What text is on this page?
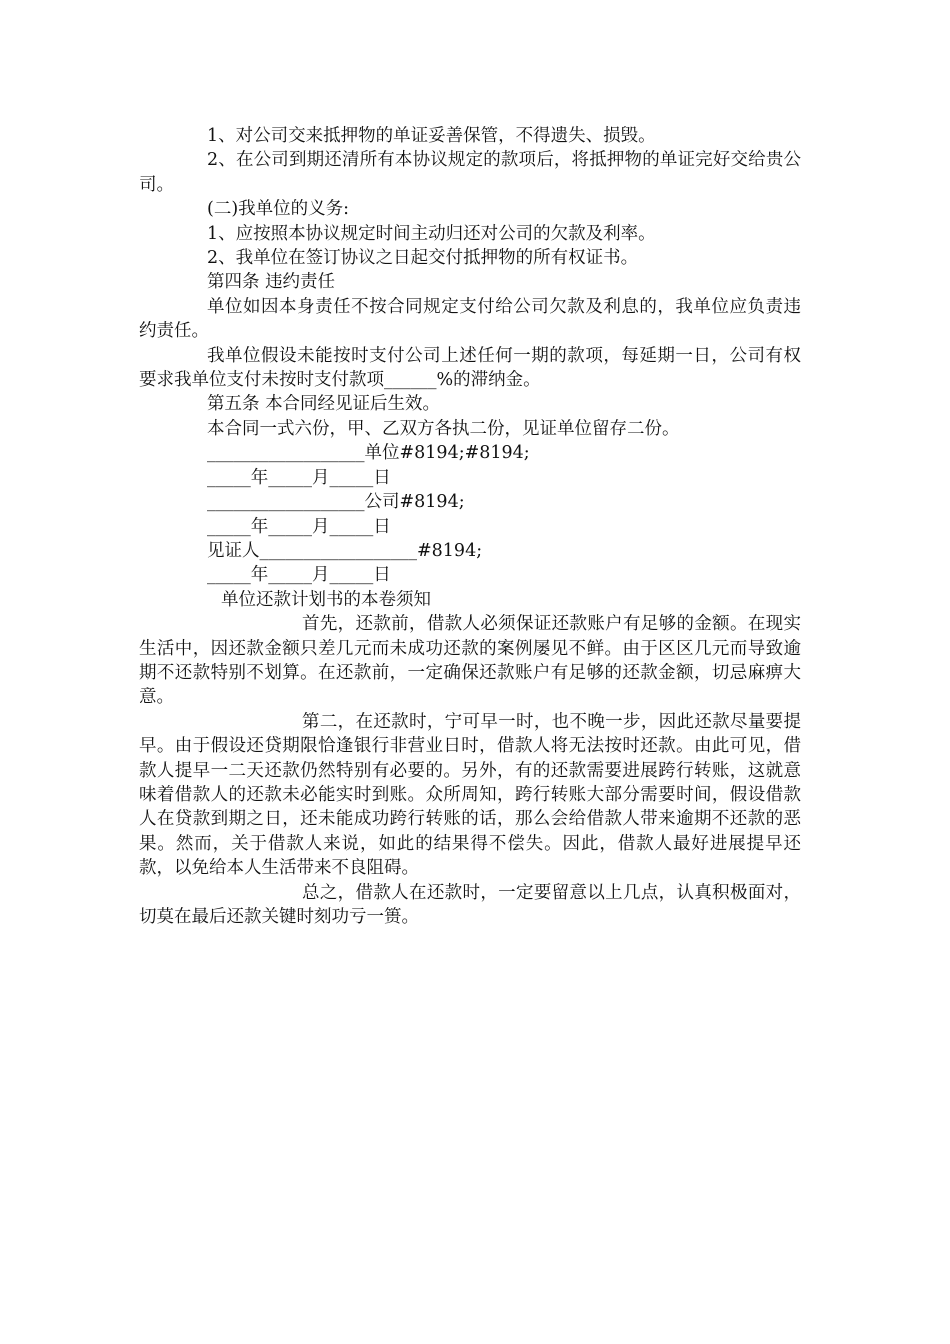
1、对公司交来抵押物的单证妥善保管，不得遗失、损毁。

2、在公司到期还清所有本协议规定的款项后，将抵押物的单证完好交给贵公司。

(二)我单位的义务:

1、应按照本协议规定时间主动归还对公司的欠款及利率。

2、我单位在签订协议之日起交付抵押物的所有权证书。

第四条 违约责任

单位如因本身责任不按合同规定支付给公司欠款及利息的，我单位应负责违约责任。

我单位假设未能按时支付公司上述任何一期的款项，每延期一日，公司有权要求我单位支付未按时支付款项______%的滞纳金。

第五条 本合同经见证后生效。

本合同一式六份，甲、乙双方各执二份，见证单位留存二份。

__________________单位#8194;#8194;

_____年_____月_____日

__________________公司#8194;

_____年_____月_____日

见证人__________________#8194;

_____年_____月_____日

单位还款计划书的本卷须知

首先，还款前，借款人必须保证还款账户有足够的金额。在现实生活中，因还款金额只差几元而未成功还款的案例屡见不鲜。由于区区几元而导致逾期不还款特别不划算。在还款前，一定确保还款账户有足够的还款金额，切忌麻痹大意。

第二，在还款时，宁可早一时，也不晚一步，因此还款尽量要提早。由于假设还贷期限恰逢银行非营业日时，借款人将无法按时还款。由此可见，借款人提早一二天还款仍然特别有必要的。另外，有的还款需要进展跨行转账，这就意味着借款人的还款未必能实时到账。众所周知，跨行转账大部分需要时间，假设借款人在贷款到期之日，还未能成功跨行转账的话，那么会给借款人带来逾期不还款的恶果。然而，关于借款人来说，如此的结果得不偿失。因此，借款人最好进展提早还款，以免给本人生活带来不良阻碍。

总之，借款人在还款时，一定要留意以上几点，认真积极面对，切莫在最后还款关键时刻功亏一篑。
